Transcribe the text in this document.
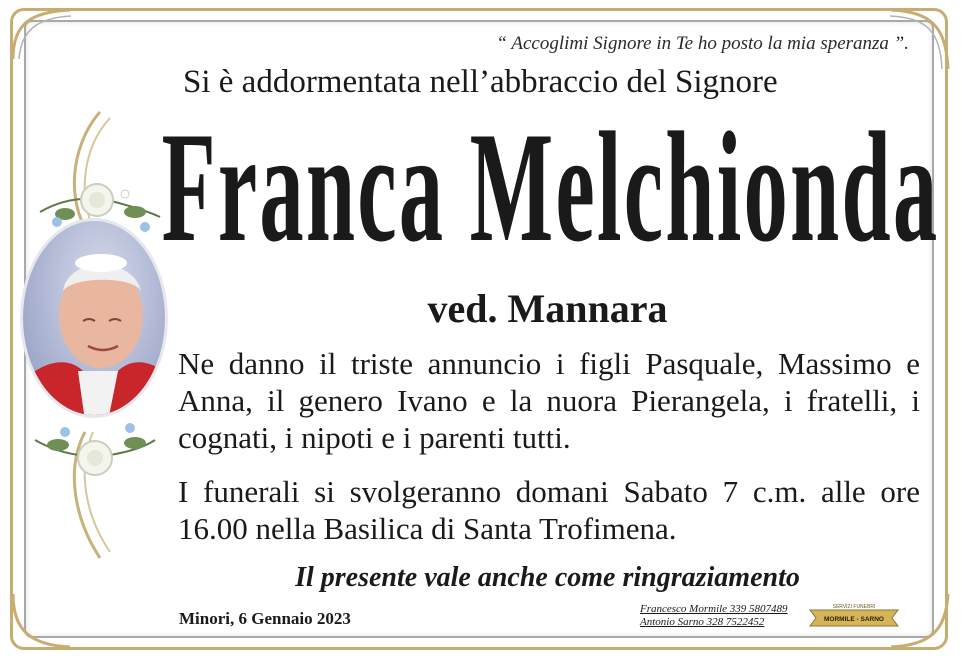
“ Accoglimi Signore in Te ho posto la mia speranza ”.
Si è addormentata nell’abbraccio del Signore
Franca Melchionda
ved. Mannara
Ne danno il triste annuncio i figli Pasquale, Massimo e Anna, il genero Ivano e la nuora Pierangela, i fratelli, i cognati, i nipoti e i parenti tutti.
I funerali si svolgeranno domani Sabato 7 c.m. alle ore 16.00 nella Basilica di Santa Trofimena.
Il presente vale anche come ringraziamento
Minori, 6 Gennaio 2023	Francesco Mormile 339 5807489
Antonio Sarno 328 7522452
SERVIZI FUNEBRI
MORMILE - SARNO
